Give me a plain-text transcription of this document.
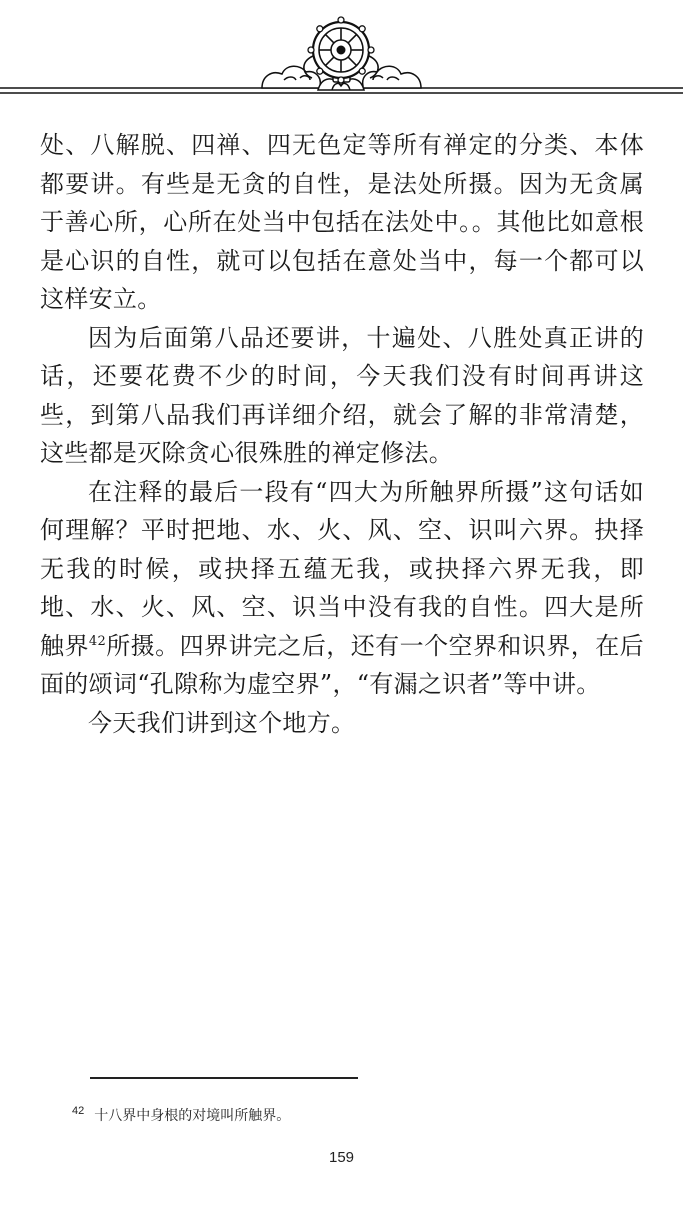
处、八解脱、四禅、四无色定等所有禅定的分类、本体都要讲。有些是无贪的自性，是法处所摄。因为无贪属于善心所，心所在处当中包括在法处中。。其他比如意根是心识的自性，就可以包括在意处当中，每一个都可以这样安立。

因为后面第八品还要讲，十遍处、八胜处真正讲的话，还要花费不少的时间，今天我们没有时间再讲这些，到第八品我们再详细介绍，就会了解的非常清楚，这些都是灭除贪心很殊胜的禅定修法。

在注释的最后一段有“四大为所触界所摄”这句话如何理解？平时把地、水、火、风、空、识叫六界。抉择无我的时候，或抉择五蕴无我，或抉择六界无我，即地、水、火、风、空、识当中没有我的自性。四大是所触界$^{42}$所摄。四界讲完之后，还有一个空界和识界，在后面的颂词“孔隙称为虚空界”，“有漏之识者”等中讲。

今天我们讲到这个地方。

$^{42}$ 十八界中身根的对境叫所触界。
159
